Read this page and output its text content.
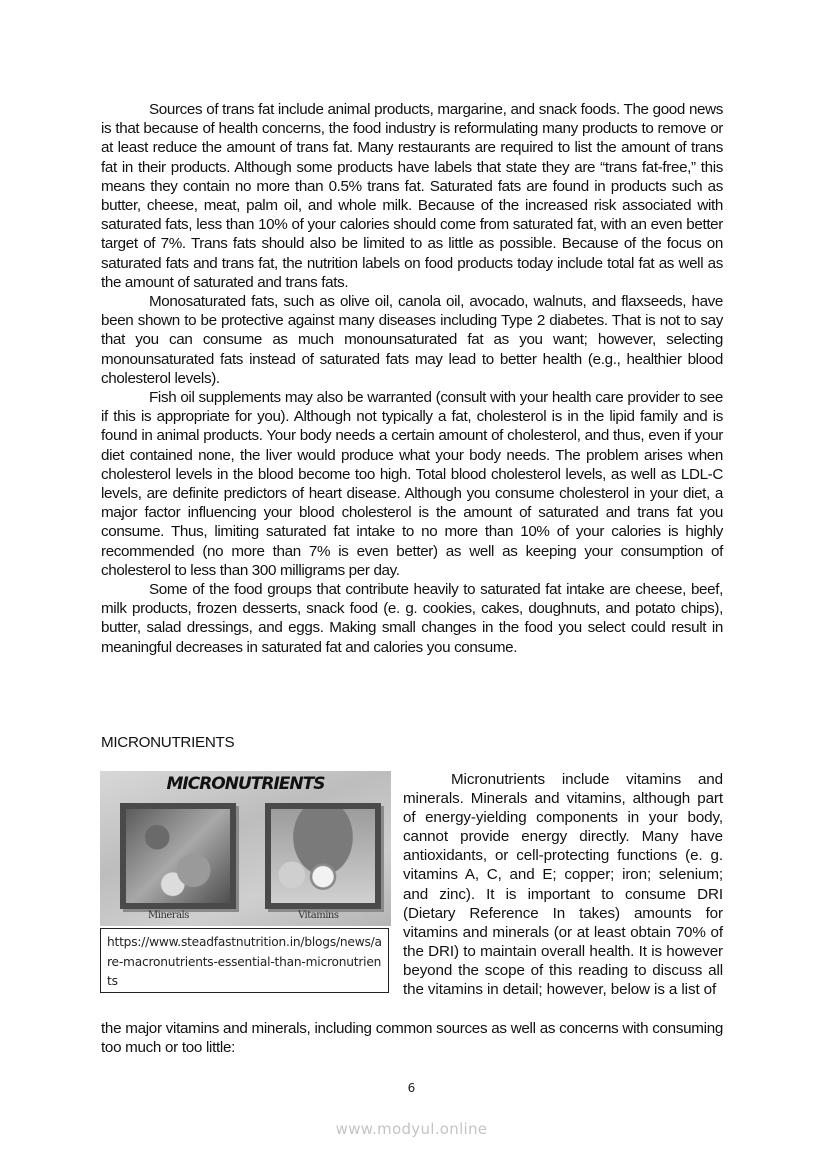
Sources of trans fat include animal products, margarine, and snack foods. The good news is that because of health concerns, the food industry is reformulating many products to remove or at least reduce the amount of trans fat. Many restaurants are required to list the amount of trans fat in their products. Although some products have labels that state they are “trans fat-free,” this means they contain no more than 0.5% trans fat. Saturated fats are found in products such as butter, cheese, meat, palm oil, and whole milk. Because of the increased risk associated with saturated fats, less than 10% of your calories should come from saturated fat, with an even better target of 7%. Trans fats should also be limited to as little as possible. Because of the focus on saturated fats and trans fat, the nutrition labels on food products today include total fat as well as the amount of saturated and trans fats.

Monosaturated fats, such as olive oil, canola oil, avocado, walnuts, and flaxseeds, have been shown to be protective against many diseases including Type 2 diabetes. That is not to say that you can consume as much monounsaturated fat as you want; however, selecting monounsaturated fats instead of saturated fats may lead to better health (e.g., healthier blood cholesterol levels).

Fish oil supplements may also be warranted (consult with your health care provider to see if this is appropriate for you). Although not typically a fat, cholesterol is in the lipid family and is found in animal products. Your body needs a certain amount of cholesterol, and thus, even if your diet contained none, the liver would produce what your body needs. The problem arises when cholesterol levels in the blood become too high. Total blood cholesterol levels, as well as LDL-C levels, are definite predictors of heart disease. Although you consume cholesterol in your diet, a major factor influencing your blood cholesterol is the amount of saturated and trans fat you consume. Thus, limiting saturated fat intake to no more than 10% of your calories is highly recommended (no more than 7% is even better) as well as keeping your consumption of cholesterol to less than 300 milligrams per day.

Some of the food groups that contribute heavily to saturated fat intake are cheese, beef, milk products, frozen desserts, snack food (e. g. cookies, cakes, doughnuts, and potato chips), butter, salad dressings, and eggs. Making small changes in the food you select could result in meaningful decreases in saturated fat and calories you consume.

MICRONUTRIENTS
MICRONUTRIENTS
Minerals	Vitamins
https://www.steadfastnutrition.in/blogs/news/are-macronutrients-essential-than-micronutrients

Micronutrients include vitamins and minerals. Minerals and vitamins, although part of energy-yielding components in your body, cannot provide energy directly. Many have antioxidants, or cell-protecting functions (e. g. vitamins A, C, and E; copper; iron; selenium; and zinc). It is important to consume DRI (Dietary Reference In takes) amounts for vitamins and minerals (or at least obtain 70% of the DRI) to maintain overall health. It is however beyond the scope of this reading to discuss all the vitamins in detail; however, below is a list of

the major vitamins and minerals, including common sources as well as concerns with consuming too much or too little:
6
www.modyul.online
